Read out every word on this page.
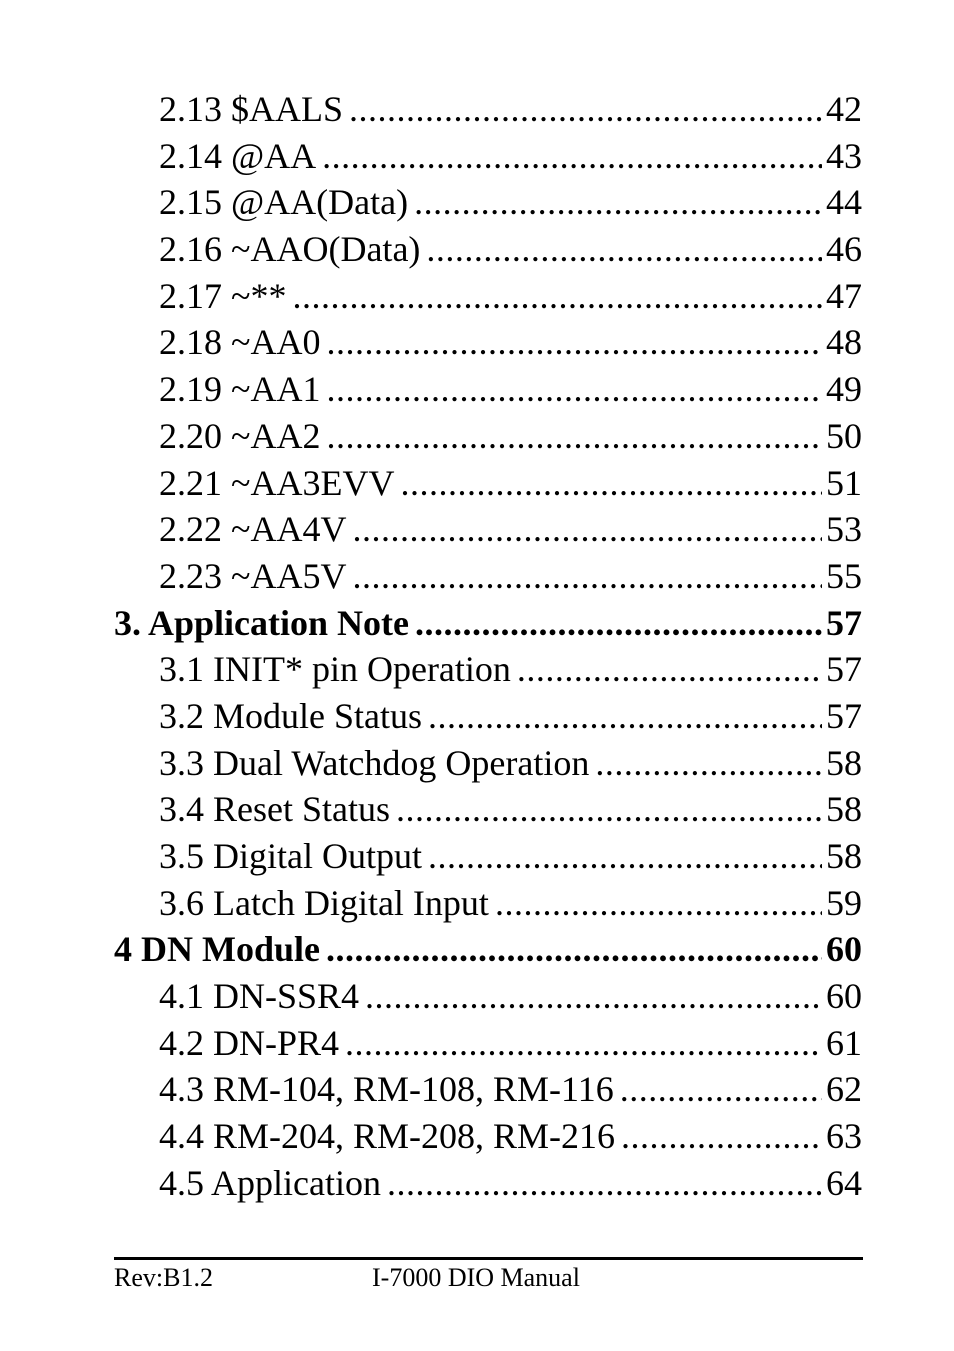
2.13 $AALS .....	42
2.14 @AA .....	43
2.15 @AA(Data) .....	44
2.16 ~AAO(Data) .....	46
2.17 ~** .....	47
2.18 ~AA0 .....	48
2.19 ~AA1 .....	49
2.20 ~AA2 .....	50
2.21 ~AA3EVV .....	51
2.22 ~AA4V .....	53
2.23 ~AA5V .....	55
3. Application Note .....	57
3.1 INIT* pin Operation .....	57
3.2 Module Status .....	57
3.3 Dual Watchdog Operation .....	58
3.4 Reset Status .....	58
3.5 Digital Output .....	58
3.6 Latch Digital Input .....	59
4 DN Module .....	60
4.1 DN-SSR4 .....	60
4.2 DN-PR4 .....	61
4.3 RM-104, RM-108, RM-116 .....	62
4.4 RM-204, RM-208, RM-216 .....	63
4.5 Application .....	64
Rev:B1.2	I-7000 DIO Manual
